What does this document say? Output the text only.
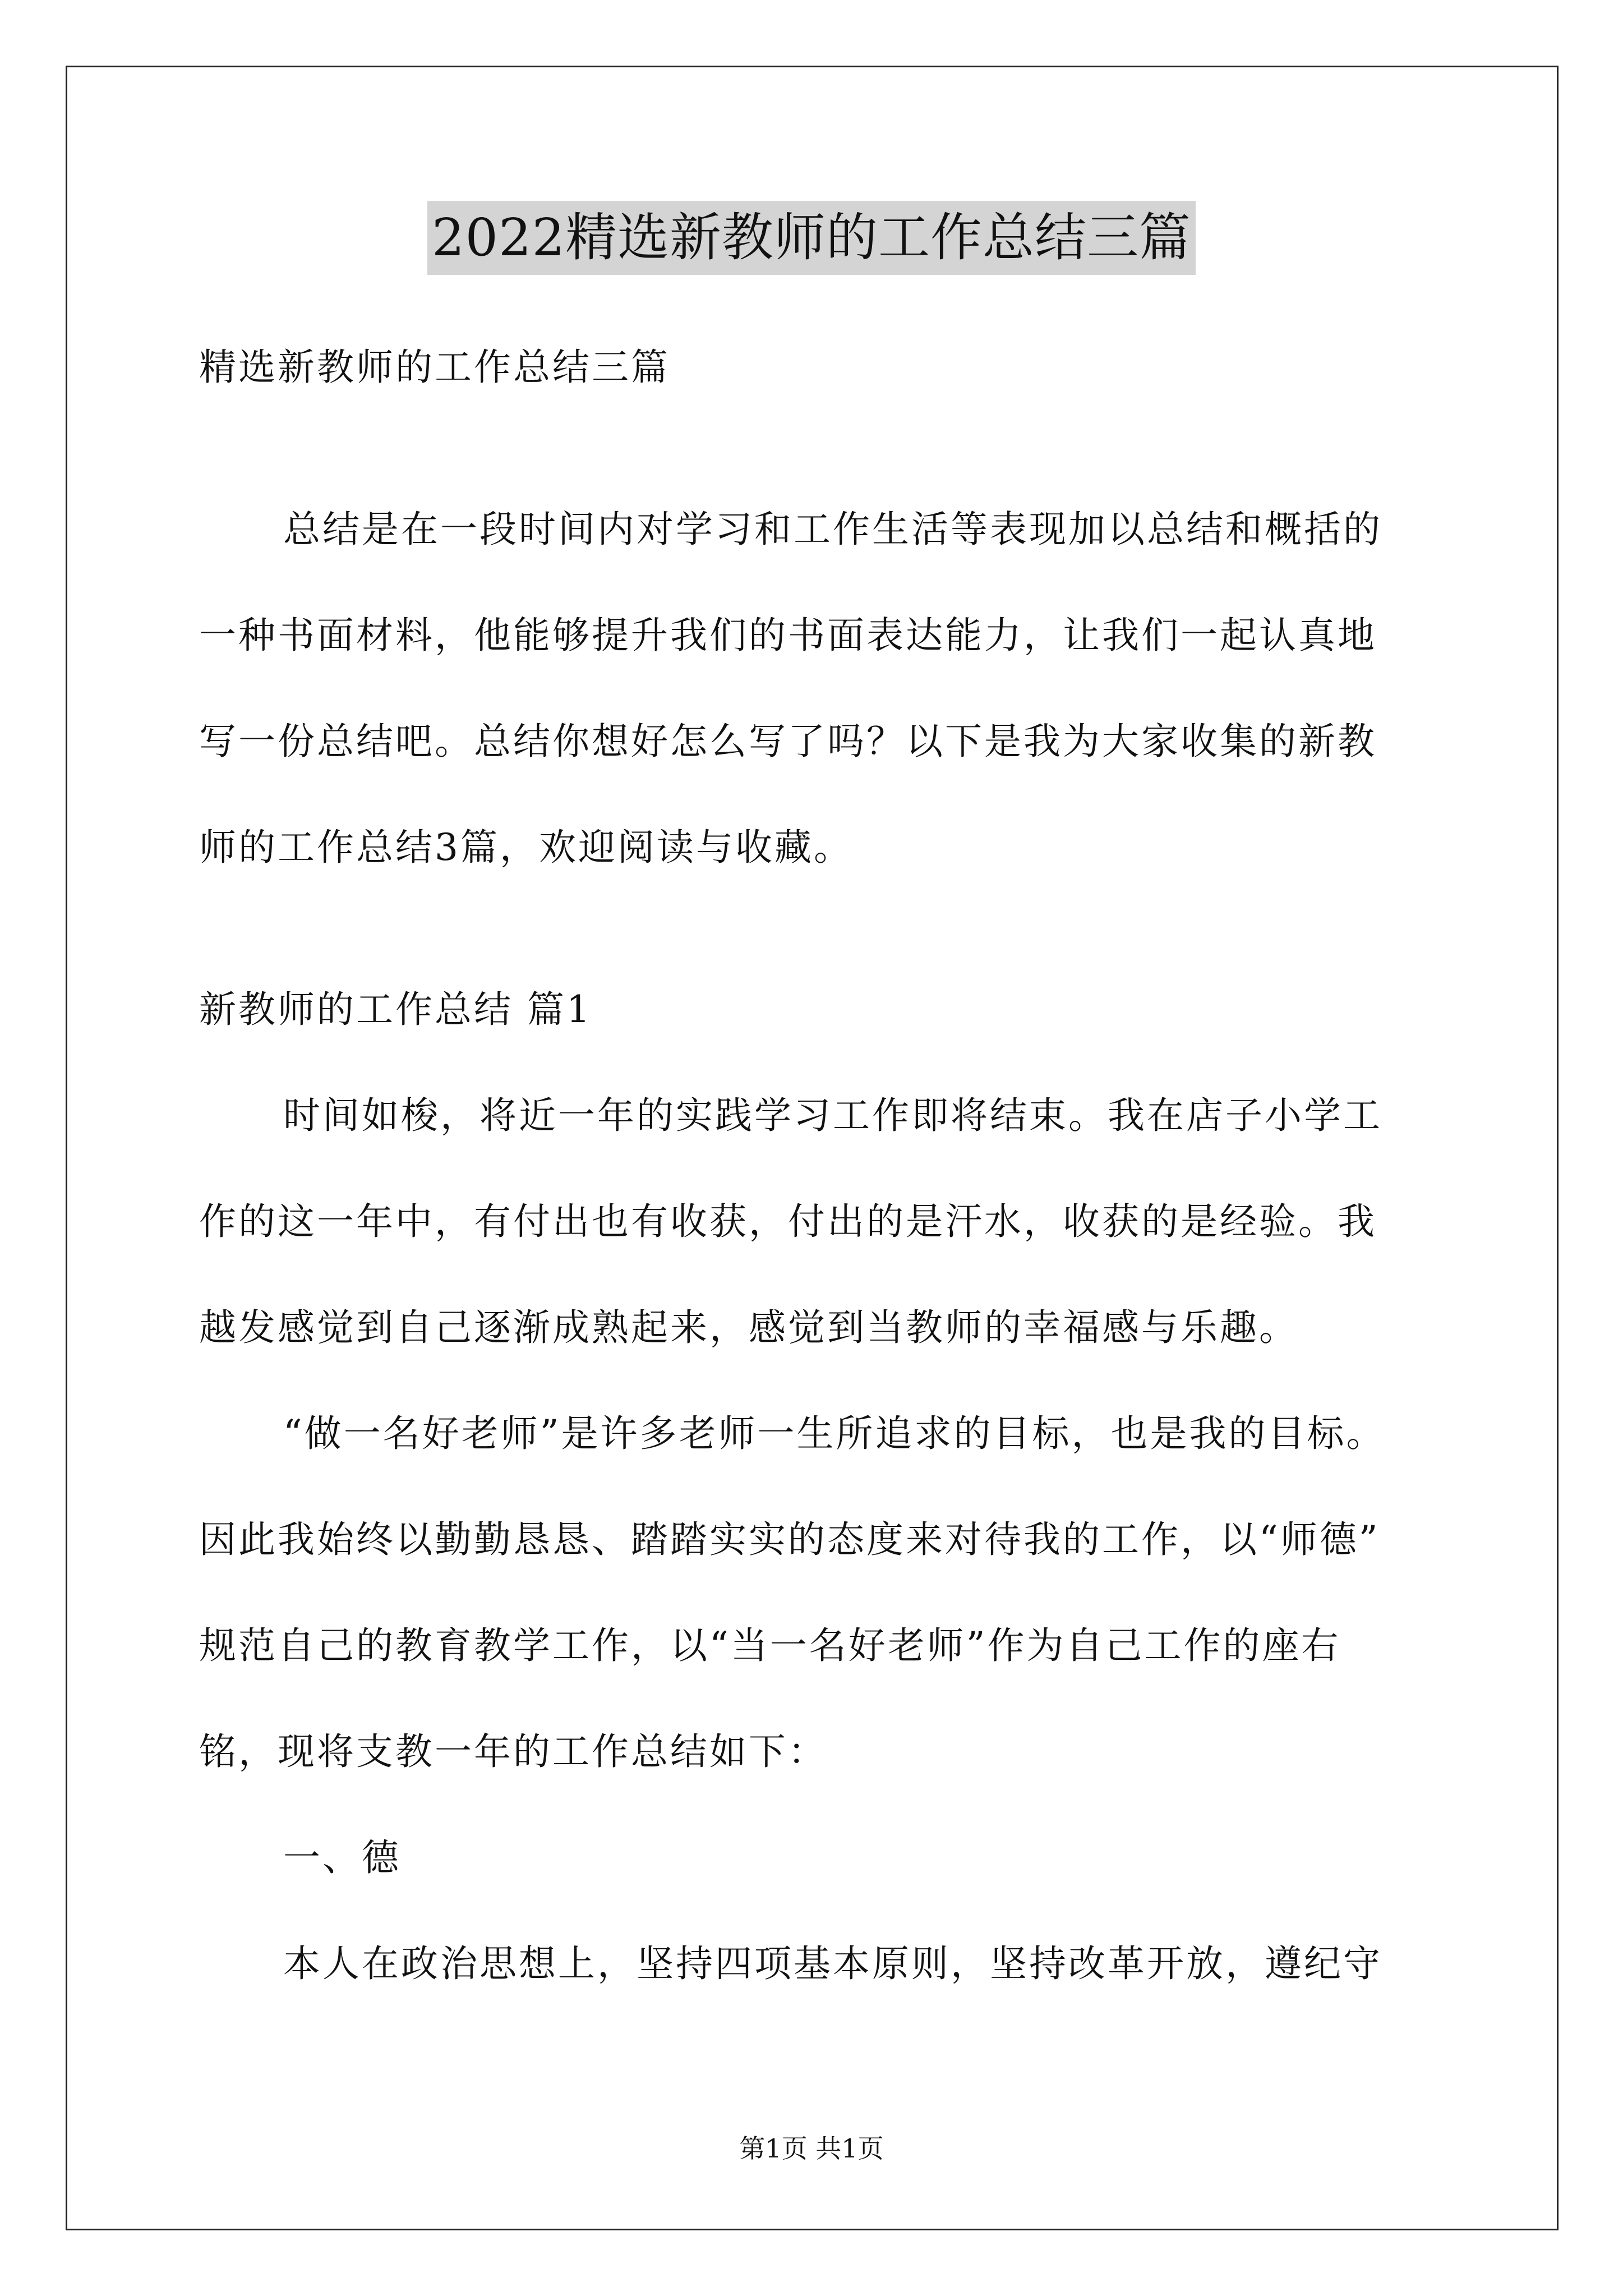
2022精选新教师的工作总结三篇
精选新教师的工作总结三篇
总结是在一段时间内对学习和工作生活等表现加以总结和概括的
一种书面材料，他能够提升我们的书面表达能力，让我们一起认真地
写一份总结吧。总结你想好怎么写了吗？以下是我为大家收集的新教
师的工作总结3篇，欢迎阅读与收藏。
新教师的工作总结 篇1
时间如梭，将近一年的实践学习工作即将结束。我在店子小学工
作的这一年中，有付出也有收获，付出的是汗水，收获的是经验。我
越发感觉到自己逐渐成熟起来，感觉到当教师的幸福感与乐趣。
“做一名好老师”是许多老师一生所追求的目标，也是我的目标。
因此我始终以勤勤恳恳、踏踏实实的态度来对待我的工作，以“师德”
规范自己的教育教学工作，以“当一名好老师”作为自己工作的座右
铭，现将支教一年的工作总结如下：
一、德
本人在政治思想上，坚持四项基本原则，坚持改革开放，遵纪守
第1页 共1页
